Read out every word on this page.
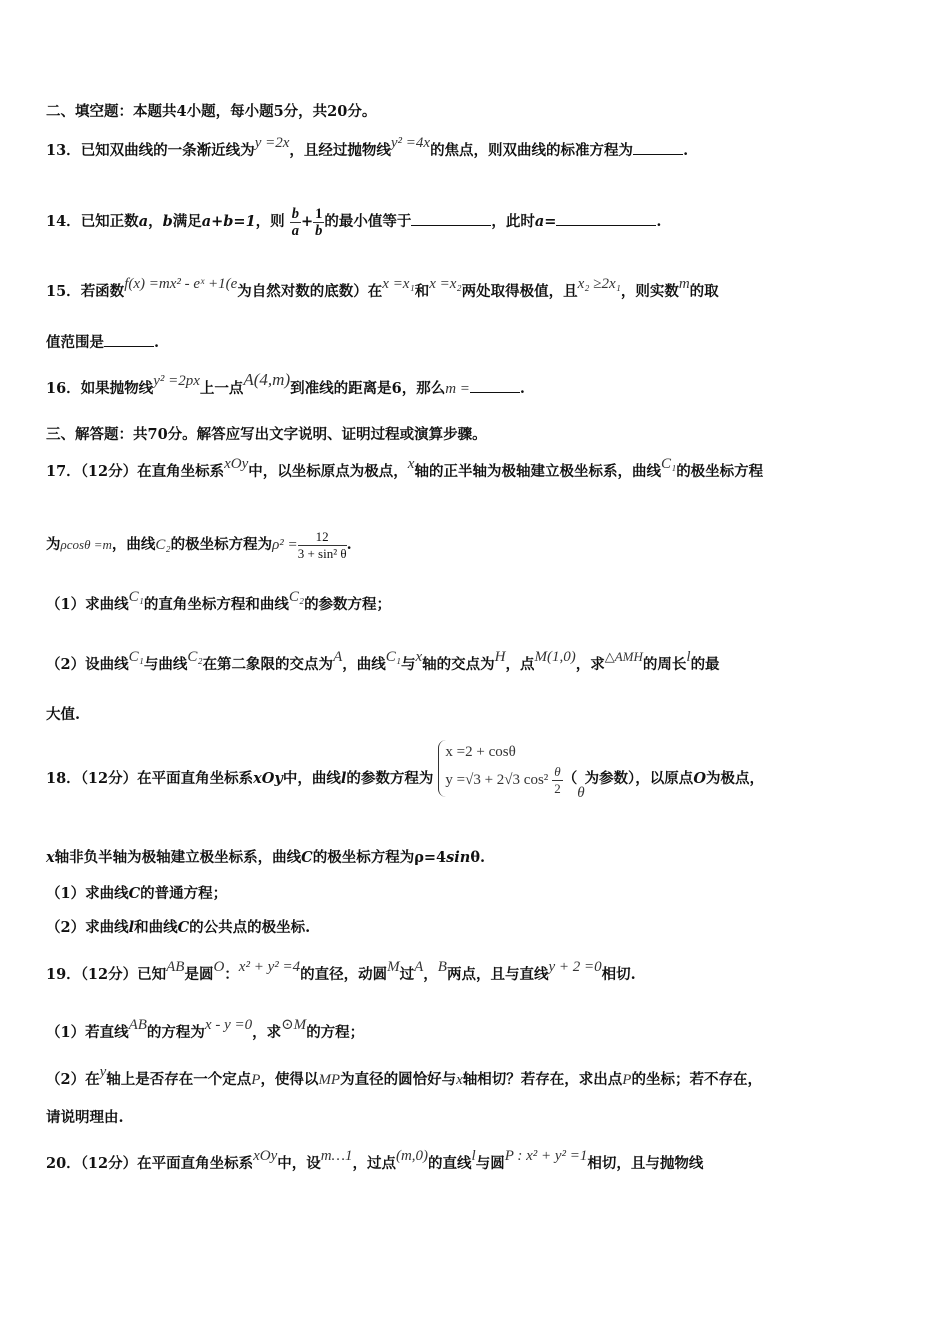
二、填空题：本题共4小题，每小题5分，共20分。
13．已知双曲线的一条渐近线为y =2x，且经过抛物线y² =4x的焦点，则双曲线的标准方程为	.
14．已知正数a，b满足a+b=1，则 $\frac{b}{a} + \frac{1}{b}$ 的最小值等于	，此时a=	.
15．若函数f(x) =mx² - eˣ +1(e为自然对数的底数）在x =x₁和x =x₂两处取得极值，且x₂ ≥2x₁，则实数m的取
值范围是	.
16．如果抛物线y² =2px上一点A(4,m)到准线的距离是6，那么m =	.
三、解答题：共70分。解答应写出文字说明、证明过程或演算步骤。
17．（12分）在直角坐标系xOy中，以坐标原点为极点，x轴的正半轴为极轴建立极坐标系，曲线C₁的极坐标方程
为ρcosθ =m，曲线C₂的极坐标方程为$\rho^2 = \frac{12}{\text{3 + sin² θ}}$ .
（1）求曲线C₁的直角坐标方程和曲线C₂的参数方程；
（2）设曲线C₁与曲线C₂在第二象限的交点为A，曲线C₁与x轴的交点为H，点M(1,0)，求△AMH的周长l的最
大值.
18．（12分）在平面直角坐标系xOy中，曲线l的参数方程为
x =2 + cosθ
y =√3 + 2√3 $\cos^2 \frac{\theta}{2} (\theta$为参数），以原点O为极点，
x轴非负半轴为极轴建立极坐标系，曲线C的极坐标方程为ρ=4sinθ.
（1）求曲线C的普通方程；
（2）求曲线l和曲线C的公共点的极坐标.
19．（12分）已知AB是圆O：x² + y² =4的直径，动圆M过A，B两点，且与直线y + 2 =0相切.
（1）若直线AB的方程为x - y =0，求⊙M的方程；
（2）在y轴上是否存在一个定点P，使得以MP为直径的圆恰好与x轴相切？若存在，求出点P的坐标；若不存在，
请说明理由.
20．（12分）在平面直角坐标系xOy中，设m…1，过点(m,0)的直线l与圆P : x² + y² =1相切，且与抛物线
